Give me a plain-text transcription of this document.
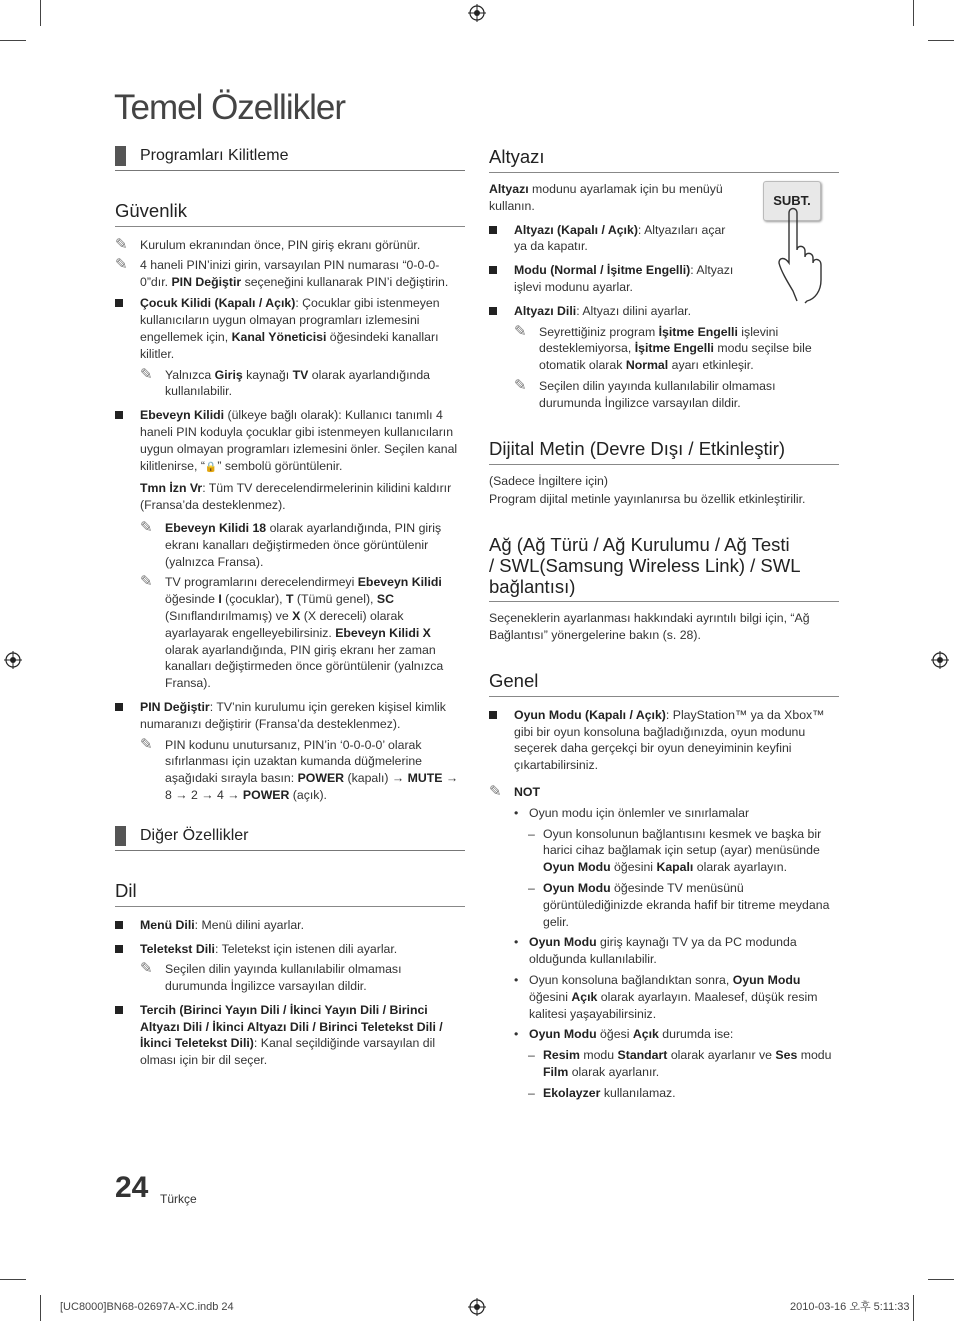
Temel Özellikler
Programları Kilitleme
Güvenlik
✎ Kurulum ekranından önce, PIN giriş ekranı görünür.
✎ 4 haneli PIN’inizi girin, varsayılan PIN numarası “0-0-0-0”dır. PIN Değiştir seçeneğini kullanarak PIN’i değiştirin.
Çocuk Kilidi (Kapalı / Açık): Çocuklar gibi istenmeyen kullanıcıların uygun olmayan programları izlemesini engellemek için, Kanal Yöneticisi öğesindeki kanalları kilitler.
✎ Yalnızca Giriş kaynağı TV olarak ayarlandığında kullanılabilir.
Ebeveyn Kilidi (ülkeye bağlı olarak): Kullanıcı tanımlı 4 haneli PIN koduyla çocuklar gibi istenmeyen kullanıcıların uygun olmayan programları izlemesini önler. Seçilen kanal kilitlenirse, “🔒” sembolü görüntülenir.
Tmn İzn Vr: Tüm TV derecelendirmelerinin kilidini kaldırır (Fransa’da desteklenmez).
✎ Ebeveyn Kilidi 18 olarak ayarlandığında, PIN giriş ekranı kanalları değiştirmeden önce görüntülenir (yalnızca Fransa).
✎ TV programlarını derecelendirmeyi Ebeveyn Kilidi öğesinde I (çocuklar), T (Tümü genel), SC (Sınıflandırılmamış) ve X (X dereceli) olarak ayarlayarak engelleyebilirsiniz. Ebeveyn Kilidi X olarak ayarlandığında, PIN giriş ekranı her zaman kanalları değiştirmeden önce görüntülenir (yalnızca Fransa).
PIN Değiştir: TV’nin kurulumu için gereken kişisel kimlik numaranızı değiştirir (Fransa’da desteklenmez).
✎ PIN kodunu unutursanız, PIN’in ‘0-0-0-0’ olarak sıfırlanması için uzaktan kumanda düğmelerine aşağıdaki sırayla basın: POWER (kapalı) → MUTE → 8 → 2 → 4 → POWER (açık).
Diğer Özellikler
Dil
Menü Dili: Menü dilini ayarlar.
Teletekst Dili: Teletekst için istenen dili ayarlar.
✎ Seçilen dilin yayında kullanılabilir olmaması durumunda İngilizce varsayılan dildir.
Tercih (Birinci Yayın Dili / İkinci Yayın Dili / Birinci Altyazı Dili / İkinci Altyazı Dili / Birinci Teletekst Dili / İkinci Teletekst Dili): Kanal seçildiğinde varsayılan dil olması için bir dil seçer.
Altyazı
Altyazı modunu ayarlamak için bu menüyü kullanın.
Altyazı (Kapalı / Açık): Altyazıları açar ya da kapatır.
Modu (Normal / İşitme Engelli): Altyazı işlevi modunu ayarlar.
Altyazı Dili: Altyazı dilini ayarlar.
✎ Seyrettiğiniz program İşitme Engelli işlevini desteklemiyorsa, İşitme Engelli modu seçilse bile otomatik olarak Normal ayarı etkinleşir.
✎ Seçilen dilin yayında kullanılabilir olmaması durumunda İngilizce varsayılan dildir.
Dijital Metin (Devre Dışı / Etkinleştir)
(Sadece İngiltere için)
Program dijital metinle yayınlanırsa bu özellik etkinleştirilir.
Ağ (Ağ Türü / Ağ Kurulumu / Ağ Testi
/ SWL(Samsung Wireless Link) / SWL
bağlantısı)
Seçeneklerin ayarlanması hakkındaki ayrıntılı bilgi için, “Ağ Bağlantısı” yönergelerine bakın (s. 28).
Genel
Oyun Modu (Kapalı / Açık): PlayStation™ ya da Xbox™ gibi bir oyun konsoluna bağladığınızda, oyun modunu seçerek daha gerçekçi bir oyun deneyiminin keyfini çıkartabilirsiniz.
✎ NOT
• Oyun modu için önlemler ve sınırlamalar
– Oyun konsolunun bağlantısını kesmek ve başka bir harici cihaz bağlamak için setup (ayar) menüsünde Oyun Modu öğesini Kapalı olarak ayarlayın.
– Oyun Modu öğesinde TV menüsünü görüntülediğinizde ekranda hafif bir titreme meydana gelir.
• Oyun Modu giriş kaynağı TV ya da PC modunda olduğunda kullanılabilir.
• Oyun konsoluna bağlandıktan sonra, Oyun Modu öğesini Açık olarak ayarlayın. Maalesef, düşük resim kalitesi yaşayabilirsiniz.
• Oyun Modu öğesi Açık durumda ise:
– Resim modu Standart olarak ayarlanır ve Ses modu Film olarak ayarlanır.
– Ekolayzer kullanılamaz.
SUBT.
24 Türkçe
[UC8000]BN68-02697A-XC.indb 24	2010-03-16 오후 5:11:33
